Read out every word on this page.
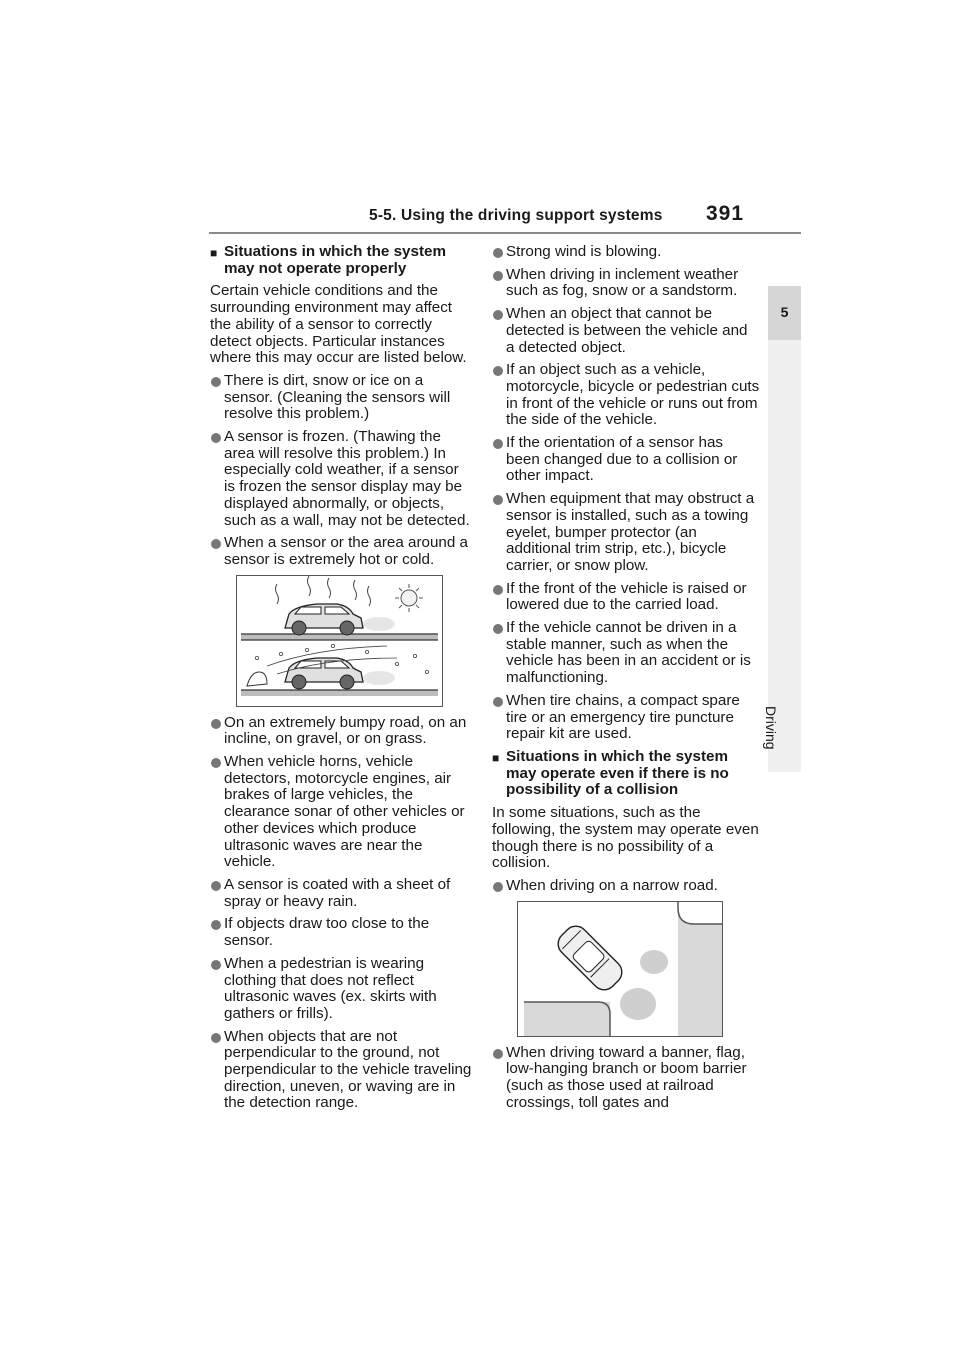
5-5. Using the driving support systems 391
5
Driving
■ Situations in which the system may not operate properly
Certain vehicle conditions and the surrounding environment may affect the ability of a sensor to correctly detect objects. Particular instances where this may occur are listed below.
There is dirt, snow or ice on a sensor. (Cleaning the sensors will resolve this problem.)
A sensor is frozen. (Thawing the area will resolve this problem.) In especially cold weather, if a sensor is frozen the sensor display may be displayed abnormally, or objects, such as a wall, may not be detected.
When a sensor or the area around a sensor is extremely hot or cold.
On an extremely bumpy road, on an incline, on gravel, or on grass.
When vehicle horns, vehicle detectors, motorcycle engines, air brakes of large vehicles, the clearance sonar of other vehicles or other devices which produce ultrasonic waves are near the vehicle.
A sensor is coated with a sheet of spray or heavy rain.
If objects draw too close to the sensor.
When a pedestrian is wearing clothing that does not reflect ultrasonic waves (ex. skirts with gathers or frills).
When objects that are not perpendicular to the ground, not perpendicular to the vehicle traveling direction, uneven, or waving are in the detection range.
Strong wind is blowing.
When driving in inclement weather such as fog, snow or a sandstorm.
When an object that cannot be detected is between the vehicle and a detected object.
If an object such as a vehicle, motorcycle, bicycle or pedestrian cuts in front of the vehicle or runs out from the side of the vehicle.
If the orientation of a sensor has been changed due to a collision or other impact.
When equipment that may obstruct a sensor is installed, such as a towing eyelet, bumper protector (an additional trim strip, etc.), bicycle carrier, or snow plow.
If the front of the vehicle is raised or lowered due to the carried load.
If the vehicle cannot be driven in a stable manner, such as when the vehicle has been in an accident or is malfunctioning.
When tire chains, a compact spare tire or an emergency tire puncture repair kit are used.
■ Situations in which the system may operate even if there is no possibility of a collision
In some situations, such as the following, the system may operate even though there is no possibility of a collision.
When driving on a narrow road.
When driving toward a banner, flag, low-hanging branch or boom barrier (such as those used at railroad crossings, toll gates and
